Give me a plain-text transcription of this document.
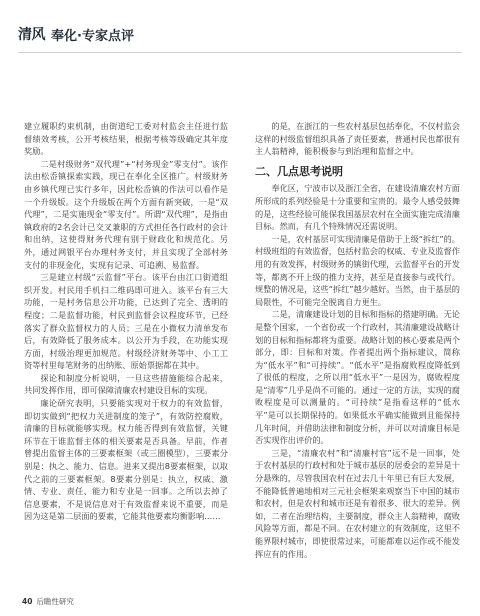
清风 奉化·专家点评

建立履职约束机制，由街道纪工委对村监会主任进行监督绩效考核，公开考核结果，根据考核等级确定其年度奖励。

二是村级财务“双代理”+“村务现金”零支付”。该作法由松岙镇探索实践，现已在奉化全区推广。村级财务由乡镇代理已实行多年，因此松岙镇的作法可以看作是一个升级版。这个升级版在两个方面有新突破，一是“双代理”，二是实施现金“零支付”。所谓“双代理”，是指由镇政府的2名会计已交叉兼职的方式担任各行政村的会计和出纳，这使得财务代理有别于财政化和规范化。另外，通过网银平台办理村务支付，并且实现了全部村务支付的非现金化，实现有记录、可追溯、易监督。

三是建立村级“云监督”平台。该平台由江口街道组织开发。村民用手机扫二维码即可进入。该平台有三大功能，一是村务信息公开功能，已达到了完全、透明的程度；二是监督功能，村民到监督会议程度环节，已经落实了群众监督权力的人员；三是在小微权力清单发布后，有效降低了服务成本。以公开为手段，在功能实现方面，村级治理更加规范。村级经济财务等中、小工工资等村里每笔财务的出纳账、原始票据都在其中。

探论和制度分析说明，一旦这些措施能综合起来，共同发挥作用，即可保障清廉农村建设目标的实现。

廉论研究表明，只要能实现对于权力的有效监督，即切实做到“把权力关进制度的笼子”，有效防控腐败，清廉的目标就能够实现。权力能否得到有效监督，关键环节在于谁监督主体的相关要素是否具备。早前，作者曾提出监督主体的三要素框架（或三圈模型），三要素分别是：执之、能力、信息。进来又提出8要素框架，以取代之前的三要素框架。8要素分别是：执立，权威、激情、专业、责任、能力和专业是一回事。之所以去掉了信息要素，不是说信息对于有效监督来说不重要，而是因为这是第二层面的要素，它能其他要素均衡影响……

的是，在浙江的一些农村基层包括奉化，不仅村监会这样的村级监督组织具备了责任要素，普通村民也都很有主人翁精神，能积极参与到治理和监督之中。

二、几点思考说明

奉化区，宁波市以及浙江全省，在建设清廉农村方面所形成的系列经验是十分重要和宝贵的。最令人感受鼓舞的是，这些经验可能保我国基层农村在全面实施完成清廉目标。然而，有几个特殊情况还需说明。

一是，农村基层可实现清廉是借助于上级“拆红”的。村级班组的有效监督，包括村监会的权威、专业及监督作用的有效发挥，村级财务的镇街代理，云监督平台的开发等，都离不开上级的推力支持，甚至是直接参与或代行。规整的情况是，这些“拆红”越少越好。当然，由于基层的局限性，不可能完全脱离自力更生。

二是，清廉建设计划的目标和指标的搭建明确。无论是整个国家，一个省份或一个行政村，其清廉建设战略计划的目标和指标都将为重要。战略计划的核心要素是两个部分，即：目标和对策。作者提出两个指标建议，简称为“低水平”和“可持续”。“低水平”是指腐败程度降低到了很低的程度，之所以用“低水平”一是因为，腐败程度是“清零”几乎是尚不可能的。通过一定的方法，实现的腐败程度是可以测量的。“可持续”是指看这样的“低水平”是可以长期保持的。如果低水平确实能做到且能保持几年时间，并借助法律和制度分析，并可以对清廉目标是否实现作出评价的。

三是，“清廉农村”和“清廉村官”远不是一回事，处于农村基层的行政村和处于城市基层的居委会的差异是十分悬殊的，尽管我国农村在过去几十年里已有巨大发展，不能降低普遍地相对三元社会框架来观察当下中国的城市和农村，但是农村和城市还是有着很多、很大的差异。例如，二者在治理结构，主要制度，群众主人翁精神，腐败风险等方面，都是不同。在农村建立的有效制度，这里不能界限村城市，即使很常过来，可能都难以运作或不能发挥应有的作用。

40 后瞻性研究
